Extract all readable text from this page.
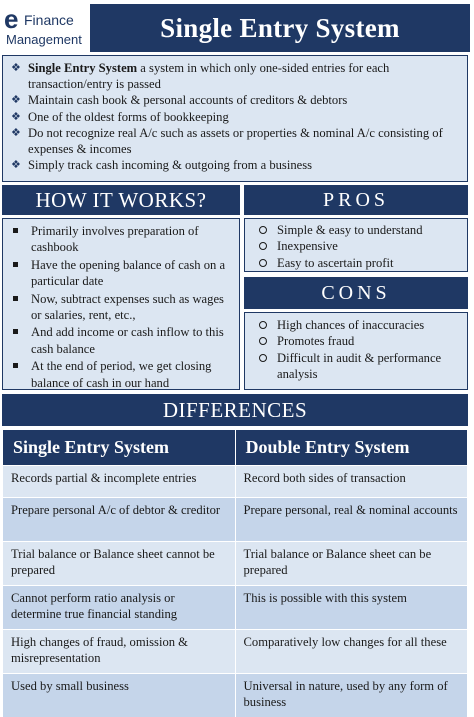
e Finance
Management	Single Entry System
❖ Single Entry System a system in which only one-sided entries for each transaction/entry is passed
❖ Maintain cash book & personal accounts of creditors & debtors
❖ One of the oldest forms of bookkeeping
❖ Do not recognize real A/c such as assets or properties & nominal A/c consisting of expenses & incomes
❖ Simply track cash incoming & outgoing from a business
HOW IT WORKS?
Primarily involves preparation of cashbook
Have the opening balance of cash on a particular date
Now, subtract expenses such as wages or salaries, rent, etc.,
And add income or cash inflow to this cash balance
At the end of period, we get closing balance of cash in our hand
PROS
Simple & easy to understand
Inexpensive
Easy to ascertain profit
CONS
High chances of inaccuracies
Promotes fraud
Difficult in audit & performance analysis
DIFFERENCES
Single Entry System	Double Entry System
Records partial & incomplete entries	Record both sides of transaction
Prepare personal A/c of debtor & creditor	Prepare personal, real & nominal accounts
Trial balance or Balance sheet cannot be prepared	Trial balance or Balance sheet can be prepared
Cannot perform ratio analysis or determine true financial standing	This is possible with this system
High changes of fraud, omission & misrepresentation	Comparatively low changes for all these
Used by small business	Universal in nature, used by any form of business
